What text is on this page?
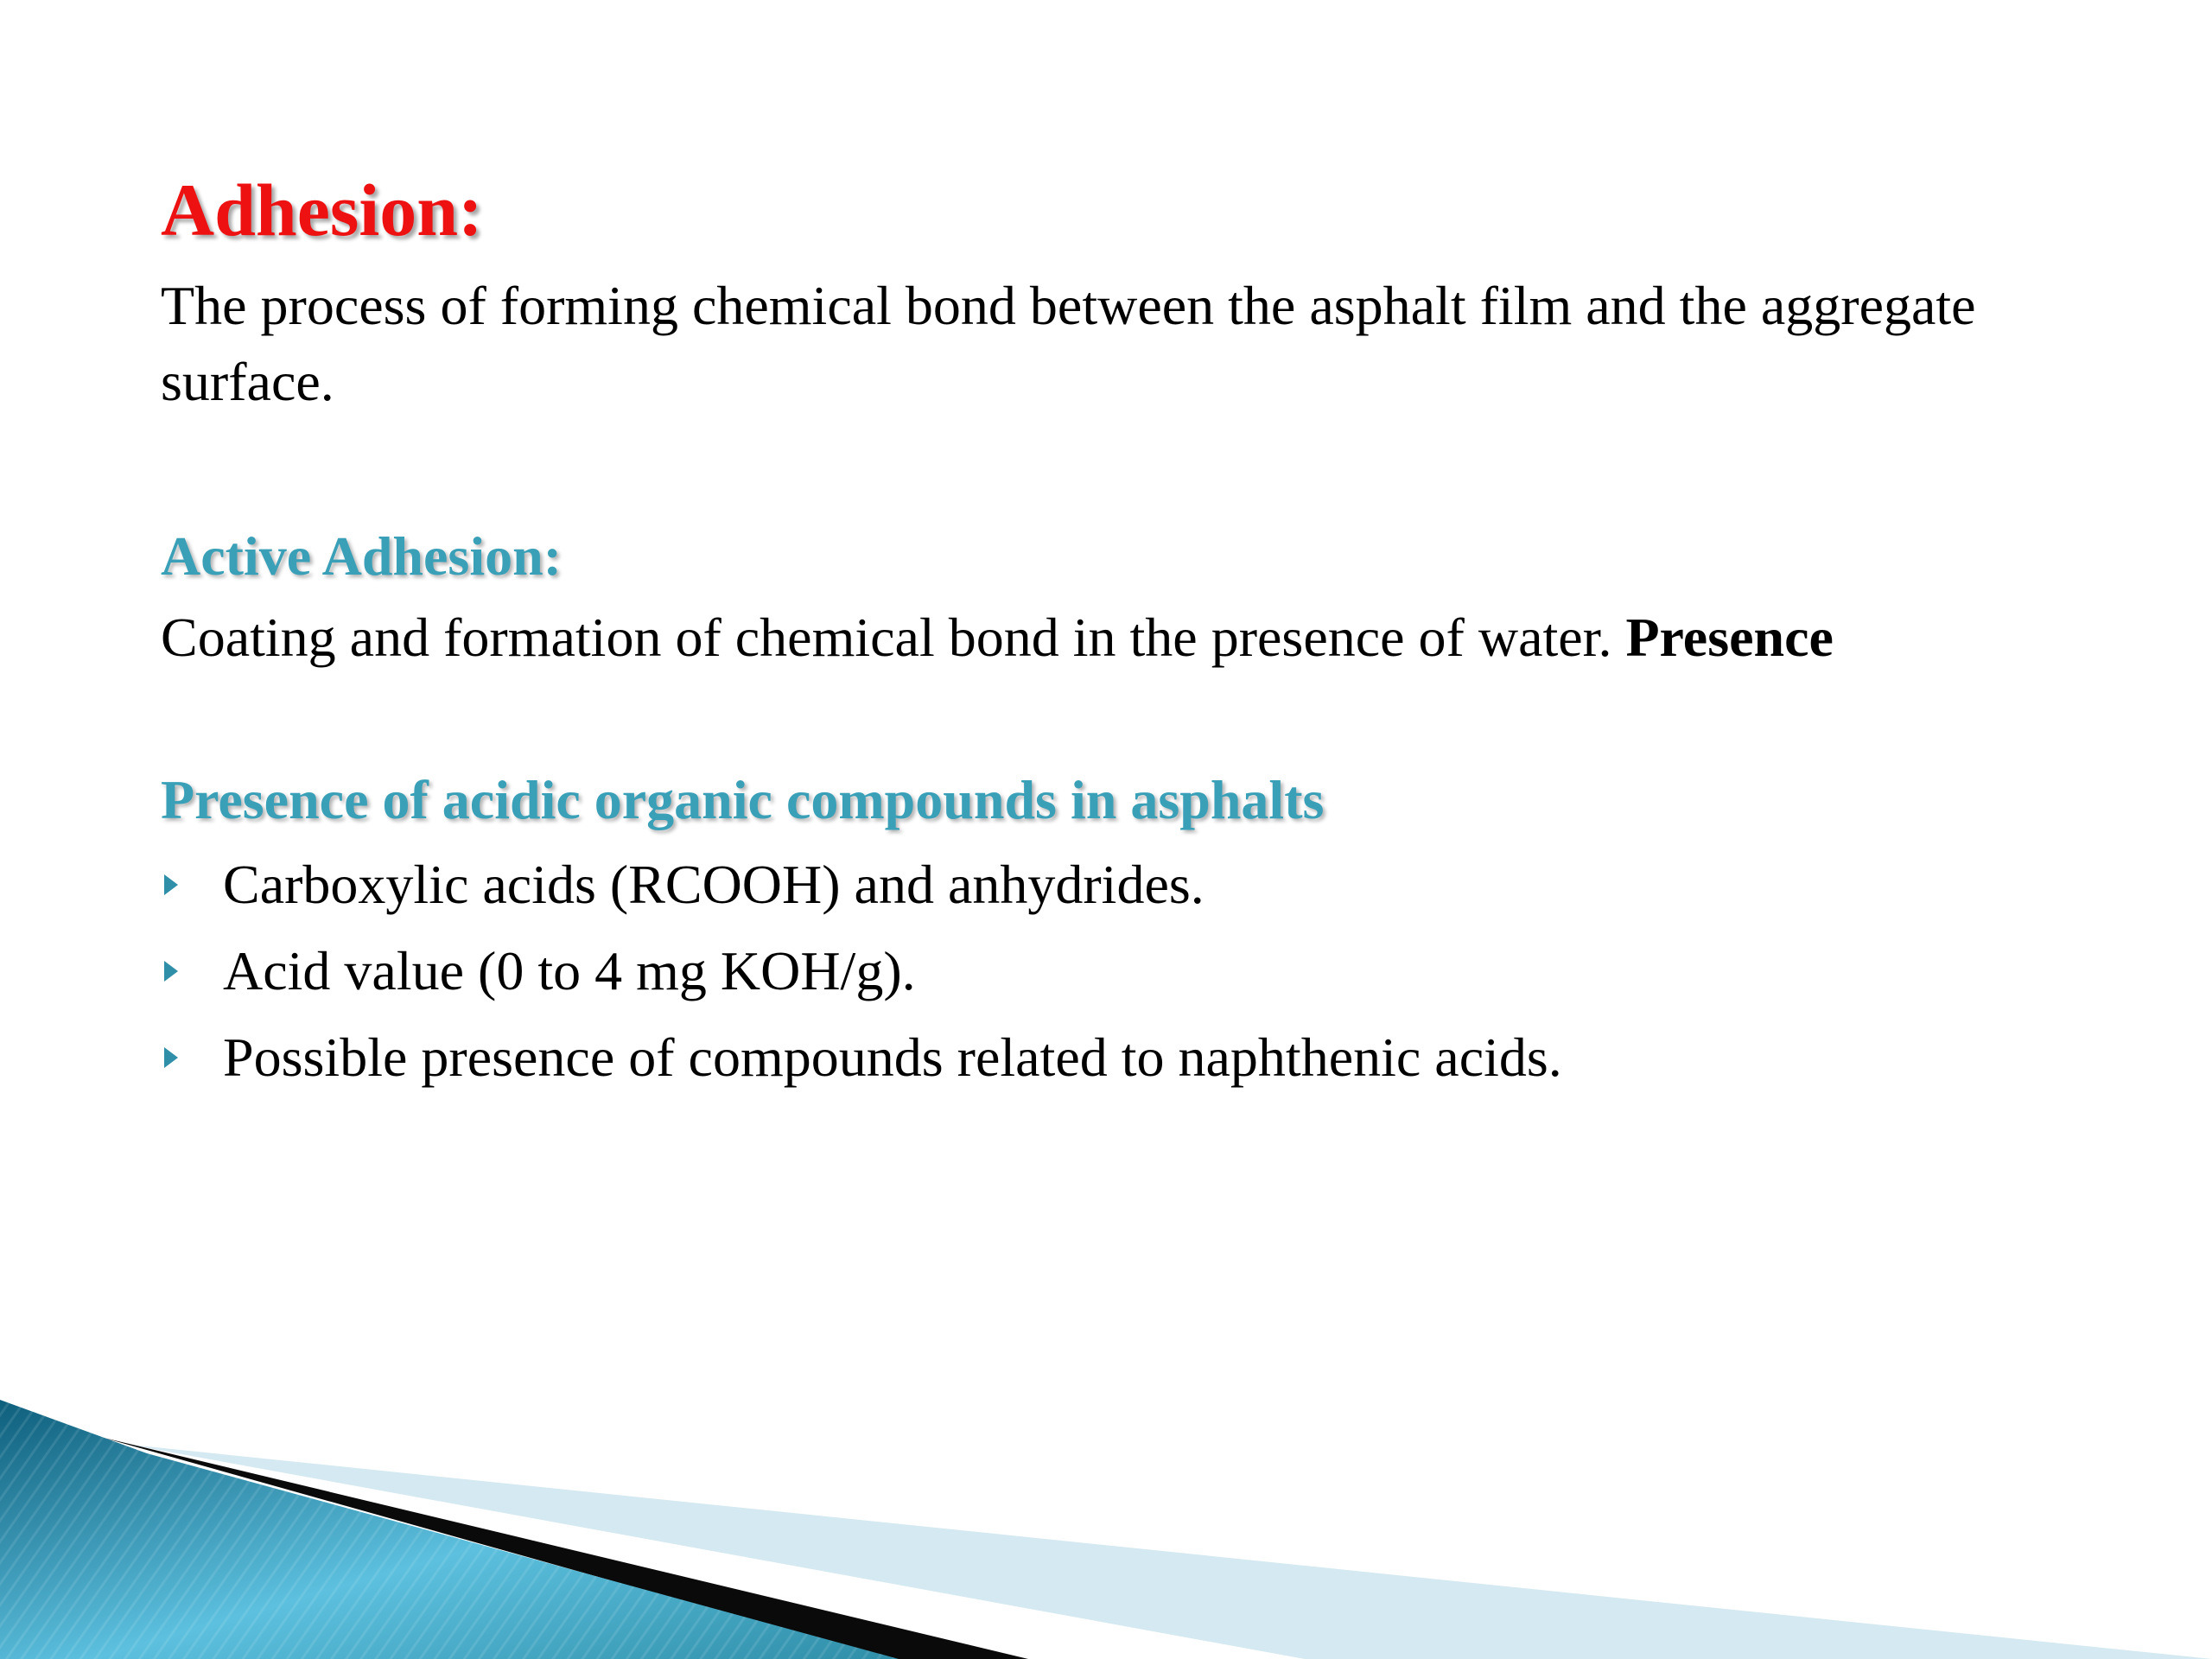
Adhesion:

The process of forming chemical bond between the asphalt film and the aggregate surface.

Active Adhesion:

Coating and formation of chemical bond in the presence of water. Presence

Presence of acidic organic compounds in asphalts
Carboxylic acids (RCOOH) and anhydrides.
Acid value (0 to 4 mg KOH/g).
Possible presence of compounds related to naphthenic acids.
